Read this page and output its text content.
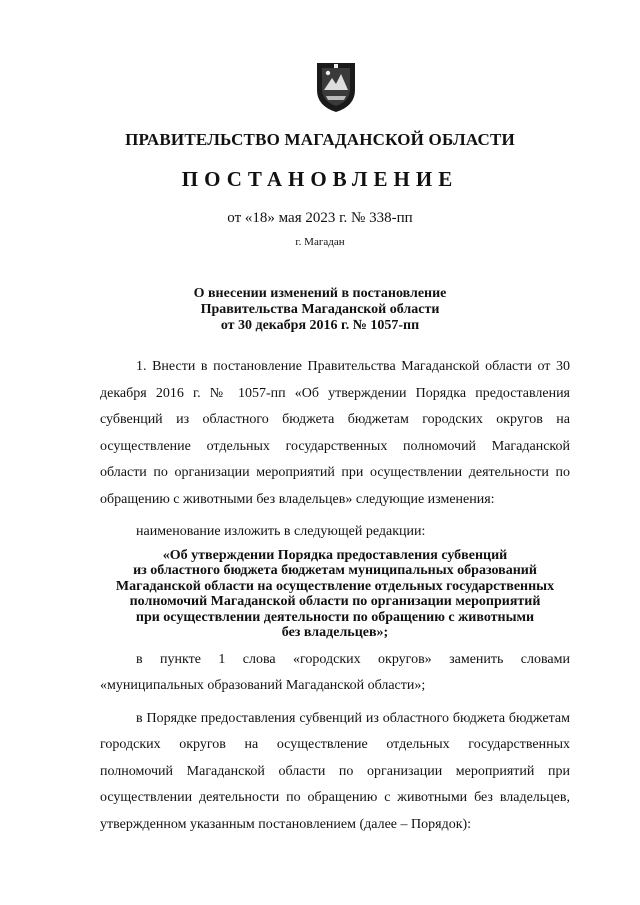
ПРАВИТЕЛЬСТВО МАГАДАНСКОЙ ОБЛАСТИ
ПОСТАНОВЛЕНИЕ
от «18» мая 2023 г. № 338-пп
г. Магадан
О внесении изменений в постановление
Правительства Магаданской области
от 30 декабря 2016 г. № 1057-пп

1. Внести в постановление Правительства Магаданской области от 30 декабря 2016 г. № 1057-пп «Об утверждении Порядка предоставления субвенций из областного бюджета бюджетам городских округов на осуществление отдельных государственных полномочий Магаданской области по организации мероприятий при осуществлении деятельности по обращению с животными без владельцев» следующие изменения:

наименование изложить в следующей редакции:

«Об утверждении Порядка предоставления субвенций
из областного бюджета бюджетам муниципальных образований
Магаданской области на осуществление отдельных государственных
полномочий Магаданской области по организации мероприятий
при осуществлении деятельности по обращению с животными
без владельцев»;

в пункте 1 слова «городских округов» заменить словами «муниципальных образований Магаданской области»;

в Порядке предоставления субвенций из областного бюджета бюджетам городских округов на осуществление отдельных государственных полномочий Магаданской области по организации мероприятий при осуществлении деятельности по обращению с животными без владельцев, утвержденном указанным постановлением (далее – Порядок):
